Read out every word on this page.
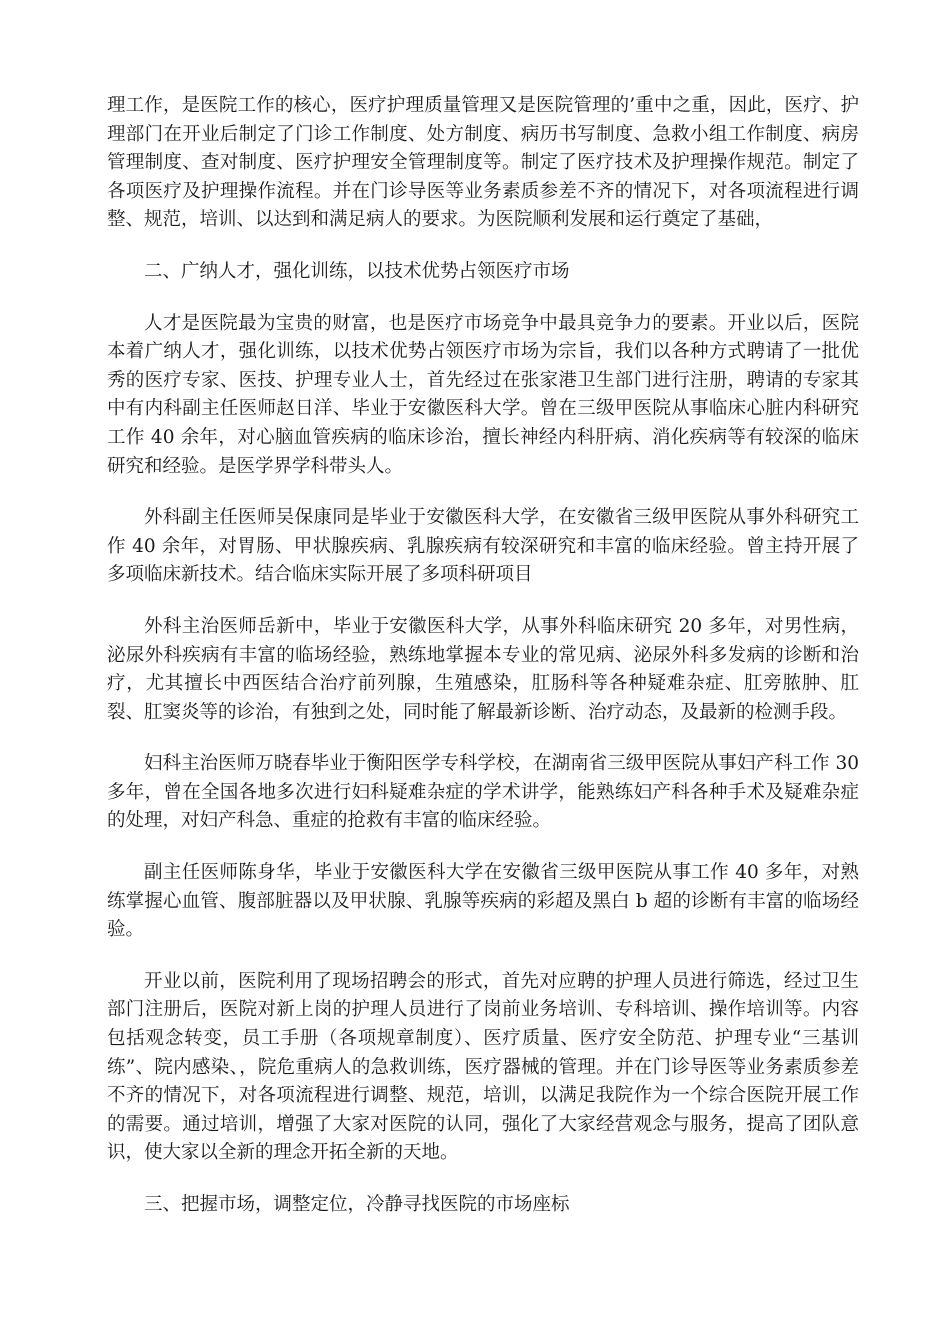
理工作，是医院工作的核心，医疗护理质量管理又是医院管理的’重中之重，因此，医疗、护理部门在开业后制定了门诊工作制度、处方制度、病历书写制度、急救小组工作制度、病房管理制度、查对制度、医疗护理安全管理制度等。制定了医疗技术及护理操作规范。制定了各项医疗及护理操作流程。并在门诊导医等业务素质参差不齐的情况下，对各项流程进行调整、规范，培训、以达到和满足病人的要求。为医院顺利发展和运行奠定了基础，

二、广纳人才，强化训练，以技术优势占领医疗市场

人才是医院最为宝贵的财富，也是医疗市场竞争中最具竞争力的要素。开业以后，医院本着广纳人才，强化训练，以技术优势占领医疗市场为宗旨，我们以各种方式聘请了一批优秀的医疗专家、医技、护理专业人士，首先经过在张家港卫生部门进行注册，聘请的专家其中有内科副主任医师赵日洋、毕业于安徽医科大学。曾在三级甲医院从事临床心脏内科研究工作 40 余年，对心脑血管疾病的临床诊治，擅长神经内科肝病、消化疾病等有较深的临床研究和经验。是医学界学科带头人。

外科副主任医师吴保康同是毕业于安徽医科大学，在安徽省三级甲医院从事外科研究工作 40 余年，对胃肠、甲状腺疾病、乳腺疾病有较深研究和丰富的临床经验。曾主持开展了多项临床新技术。结合临床实际开展了多项科研项目

外科主治医师岳新中，毕业于安徽医科大学，从事外科临床研究 20 多年，对男性病，泌尿外科疾病有丰富的临场经验，熟练地掌握本专业的常见病、泌尿外科多发病的诊断和治疗，尤其擅长中西医结合治疗前列腺，生殖感染，肛肠科等各种疑难杂症、肛旁脓肿、肛裂、肛窦炎等的诊治，有独到之处，同时能了解最新诊断、治疗动态，及最新的检测手段。

妇科主治医师万晓春毕业于衡阳医学专科学校，在湖南省三级甲医院从事妇产科工作 30 多年，曾在全国各地多次进行妇科疑难杂症的学术讲学，能熟练妇产科各种手术及疑难杂症的处理，对妇产科急、重症的抢救有丰富的临床经验。

副主任医师陈身华，毕业于安徽医科大学在安徽省三级甲医院从事工作 40 多年，对熟练掌握心血管、腹部脏器以及甲状腺、乳腺等疾病的彩超及黑白 b 超的诊断有丰富的临场经验。

开业以前，医院利用了现场招聘会的形式，首先对应聘的护理人员进行筛选，经过卫生部门注册后，医院对新上岗的护理人员进行了岗前业务培训、专科培训、操作培训等。内容包括观念转变，员工手册（各项规章制度）、医疗质量、医疗安全防范、护理专业“三基训练”、院内感染、，院危重病人的急救训练，医疗器械的管理。并在门诊导医等业务素质参差不齐的情况下，对各项流程进行调整、规范，培训，以满足我院作为一个综合医院开展工作的需要。通过培训，增强了大家对医院的认同，强化了大家经营观念与服务，提高了团队意识，使大家以全新的理念开拓全新的天地。

三、把握市场，调整定位，冷静寻找医院的市场座标
